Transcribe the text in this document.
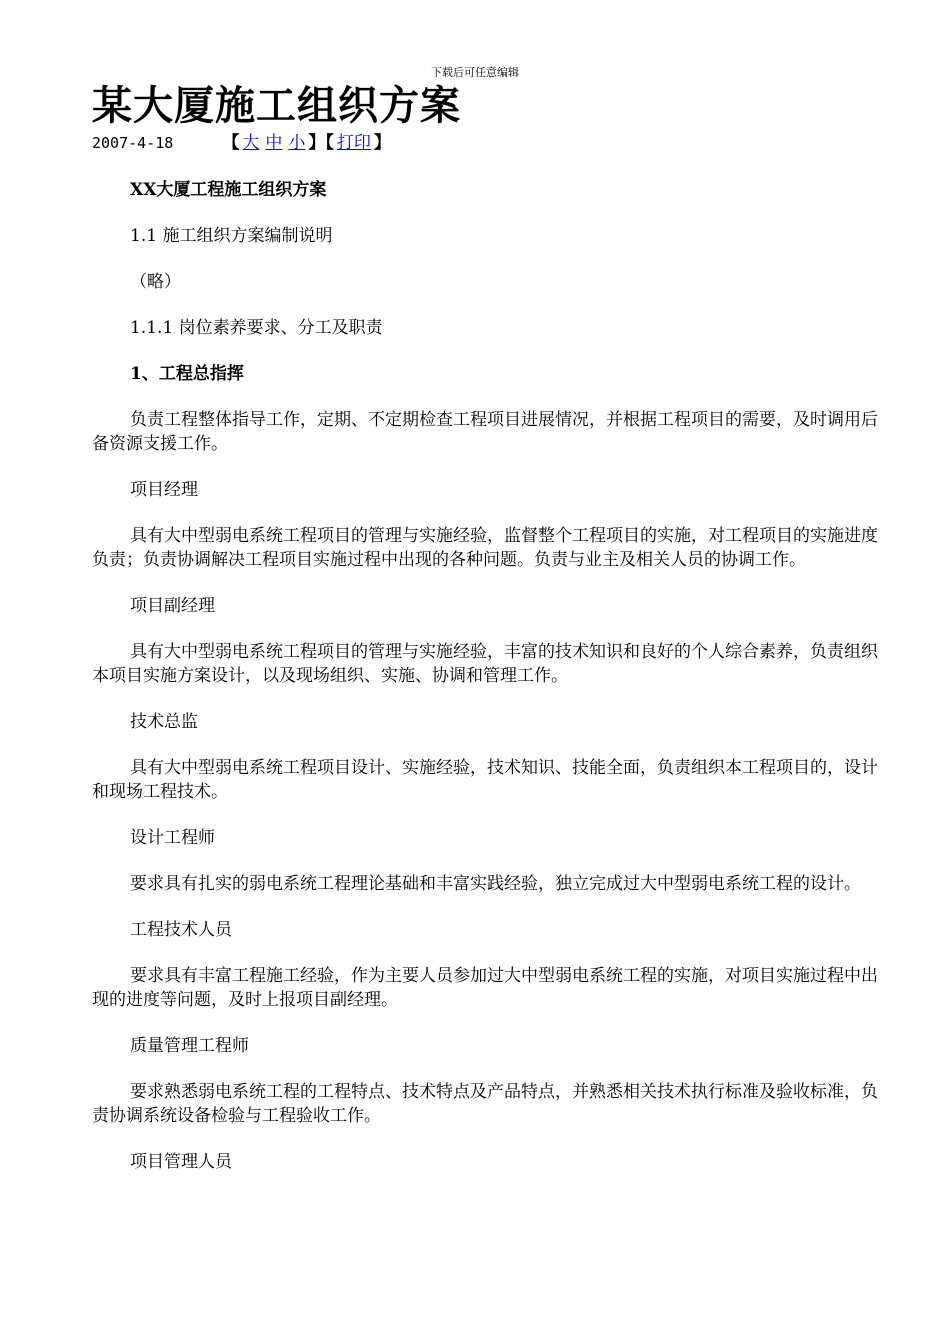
下载后可任意编辑
某大厦施工组织方案
2007-4-18	【 大 中 小 】【 打印 】

XX大厦工程施工组织方案

1.1 施工组织方案编制说明

（略）

1.1.1 岗位素养要求、分工及职责

1、工程总指挥

负责工程整体指导工作，定期、不定期检查工程项目进展情况，并根据工程项目的需要，及时调用后备资源支援工作。

项目经理

具有大中型弱电系统工程项目的管理与实施经验，监督整个工程项目的实施，对工程项目的实施进度负责；负责协调解决工程项目实施过程中出现的各种问题。负责与业主及相关人员的协调工作。

项目副经理

具有大中型弱电系统工程项目的管理与实施经验，丰富的技术知识和良好的个人综合素养，负责组织本项目实施方案设计，以及现场组织、实施、协调和管理工作。

技术总监

具有大中型弱电系统工程项目设计、实施经验，技术知识、技能全面，负责组织本工程项目的，设计和现场工程技术。

设计工程师

要求具有扎实的弱电系统工程理论基础和丰富实践经验，独立完成过大中型弱电系统工程的设计。

工程技术人员

要求具有丰富工程施工经验，作为主要人员参加过大中型弱电系统工程的实施，对项目实施过程中出现的进度等问题，及时上报项目副经理。

质量管理工程师

要求熟悉弱电系统工程的工程特点、技术特点及产品特点，并熟悉相关技术执行标准及验收标准，负责协调系统设备检验与工程验收工作。

项目管理人员
